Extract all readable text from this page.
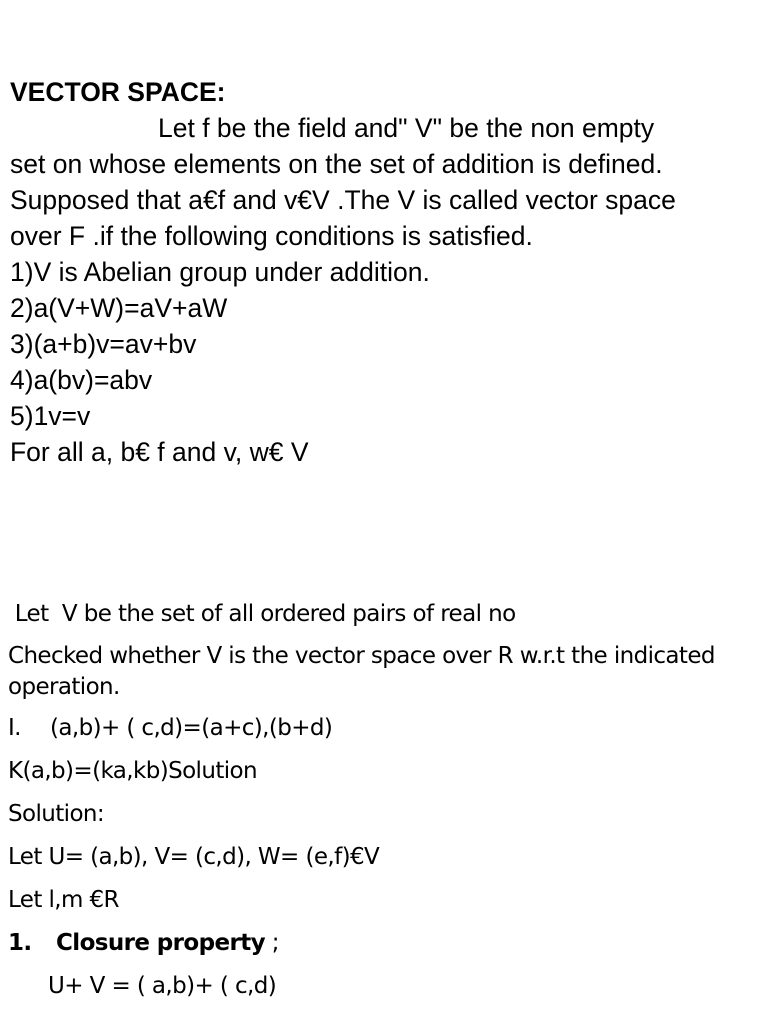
VECTOR SPACE:
Let f be the field and" V" be the non empty
set on whose elements on the set of addition is defined.
Supposed that a€f and v€V .The V is called vector space
over F .if the following conditions is satisfied.
1)V is Abelian group under addition.
2)a(V+W)=aV+aW
3)(a+b)v=av+bv
4)a(bv)=abv
5)1v=v
For all a, b€ f and v, w€ V
Let  V be the set of all ordered pairs of real no
Checked whether V is the vector space over R w.r.t the indicated operation.
I. (a,b)+ ( c,d)=(a+c),(b+d)
K(a,b)=(ka,kb)Solution
Solution:
Let U= (a,b), V= (c,d), W= (e,f)€V
Let l,m €R
1. Closure property ;
U+ V = ( a,b)+ ( c,d)
